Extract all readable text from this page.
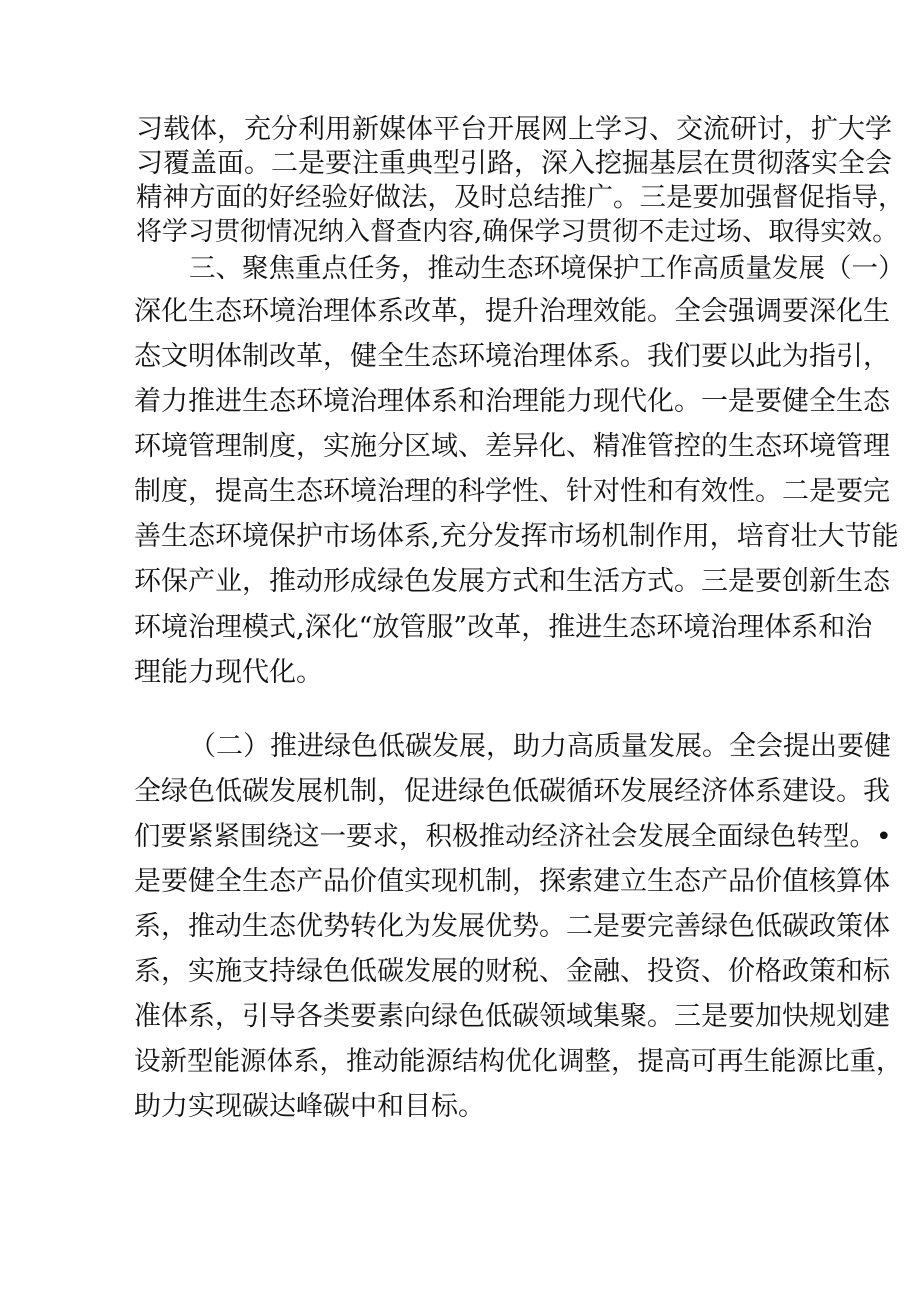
习载体，充分利用新媒体平台开展网上学习、交流研讨，扩大学
习覆盖面。二是要注重典型引路，深入挖掘基层在贯彻落实全会
精神方面的好经验好做法，及时总结推广。三是要加强督促指导，
将学习贯彻情况纳入督查内容,确保学习贯彻不走过场、取得实效。
三、聚焦重点任务，推动生态环境保护工作高质量发展（一）
深化生态环境治理体系改革，提升治理效能。全会强调要深化生
态文明体制改革，健全生态环境治理体系。我们要以此为指引，
着力推进生态环境治理体系和治理能力现代化。一是要健全生态
环境管理制度，实施分区域、差异化、精准管控的生态环境管理
制度，提高生态环境治理的科学性、针对性和有效性。二是要完
善生态环境保护市场体系,充分发挥市场机制作用，培育壮大节能
环保产业，推动形成绿色发展方式和生活方式。三是要创新生态
环境治理模式,深化“放管服”改革，推进生态环境治理体系和治
理能力现代化。
（二）推进绿色低碳发展，助力高质量发展。全会提出要健
全绿色低碳发展机制，促进绿色低碳循环发展经济体系建设。我
们要紧紧围绕这一要求，积极推动经济社会发展全面绿色转型。•
是要健全生态产品价值实现机制，探索建立生态产品价值核算体
系，推动生态优势转化为发展优势。二是要完善绿色低碳政策体
系，实施支持绿色低碳发展的财税、金融、投资、价格政策和标
准体系，引导各类要素向绿色低碳领域集聚。三是要加快规划建
设新型能源体系，推动能源结构优化调整，提高可再生能源比重，
助力实现碳达峰碳中和目标。
